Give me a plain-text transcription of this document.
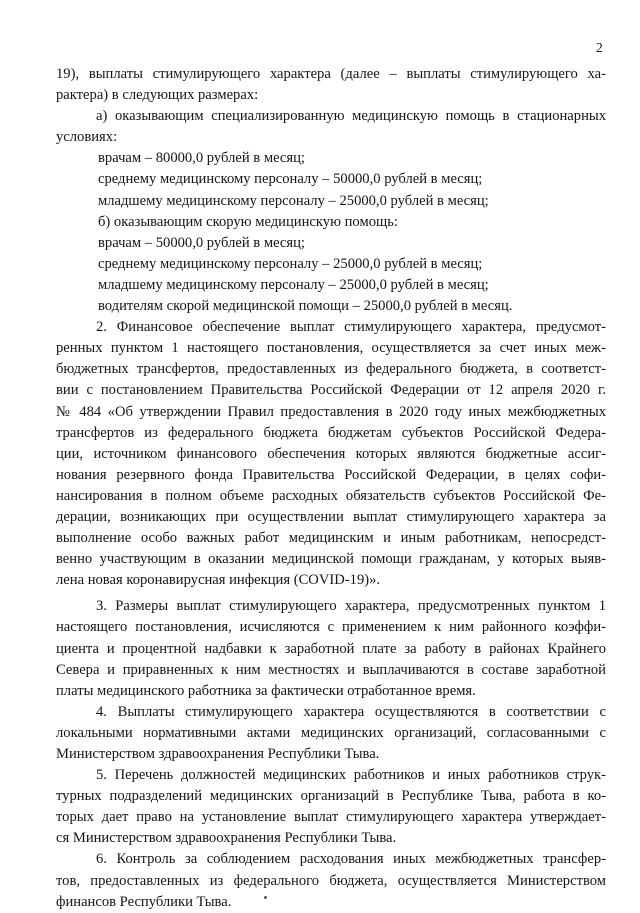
2
19), выплаты стимулирующего характера (далее – выплаты стимулирующего ха-
рактера) в следующих размерах:
а) оказывающим специализированную медицинскую помощь в стационарных
условиях:
врачам – 80000,0 рублей в месяц;
среднему медицинскому персоналу – 50000,0 рублей в месяц;
младшему медицинскому персоналу – 25000,0 рублей в месяц;
б) оказывающим скорую медицинскую помощь:
врачам – 50000,0 рублей в месяц;
среднему медицинскому персоналу – 25000,0 рублей в месяц;
младшему медицинскому персоналу – 25000,0 рублей в месяц;
водителям скорой медицинской помощи – 25000,0 рублей в месяц.
2. Финансовое обеспечение выплат стимулирующего характера, предусмот-
ренных пунктом 1 настоящего постановления, осуществляется за счет иных меж-
бюджетных трансфертов, предоставленных из федерального бюджета, в соответст-
вии с постановлением Правительства Российской Федерации от 12 апреля 2020 г.
№ 484 «Об утверждении Правил предоставления в 2020 году иных межбюджетных
трансфертов из федерального бюджета бюджетам субъектов Российской Федера-
ции, источником финансового обеспечения которых являются бюджетные ассиг-
нования резервного фонда Правительства Российской Федерации, в целях софи-
нансирования в полном объеме расходных обязательств субъектов Российской Фе-
дерации, возникающих при осуществлении выплат стимулирующего характера за
выполнение особо важных работ медицинским и иным работникам, непосредст-
венно участвующим в оказании медицинской помощи гражданам, у которых выяв-
лена новая коронавирусная инфекция (COVID-19)».
3. Размеры выплат стимулирующего характера, предусмотренных пунктом 1
настоящего постановления, исчисляются с применением к ним районного коэффи-
циента и процентной надбавки к заработной плате за работу в районах Крайнего
Севера и приравненных к ним местностях и выплачиваются в составе заработной
платы медицинского работника за фактически отработанное время.
4. Выплаты стимулирующего характера осуществляются в соответствии с
локальными нормативными актами медицинских организаций, согласованными с
Министерством здравоохранения Республики Тыва.
5. Перечень должностей медицинских работников и иных работников струк-
турных подразделений медицинских организаций в Республике Тыва, работа в ко-
торых дает право на установление выплат стимулирующего характера утверждает-
ся Министерством здравоохранения Республики Тыва.
6. Контроль за соблюдением расходования иных межбюджетных трансфер-
тов, предоставленных из федерального бюджета, осуществляется Министерством
финансов Республики Тыва.
